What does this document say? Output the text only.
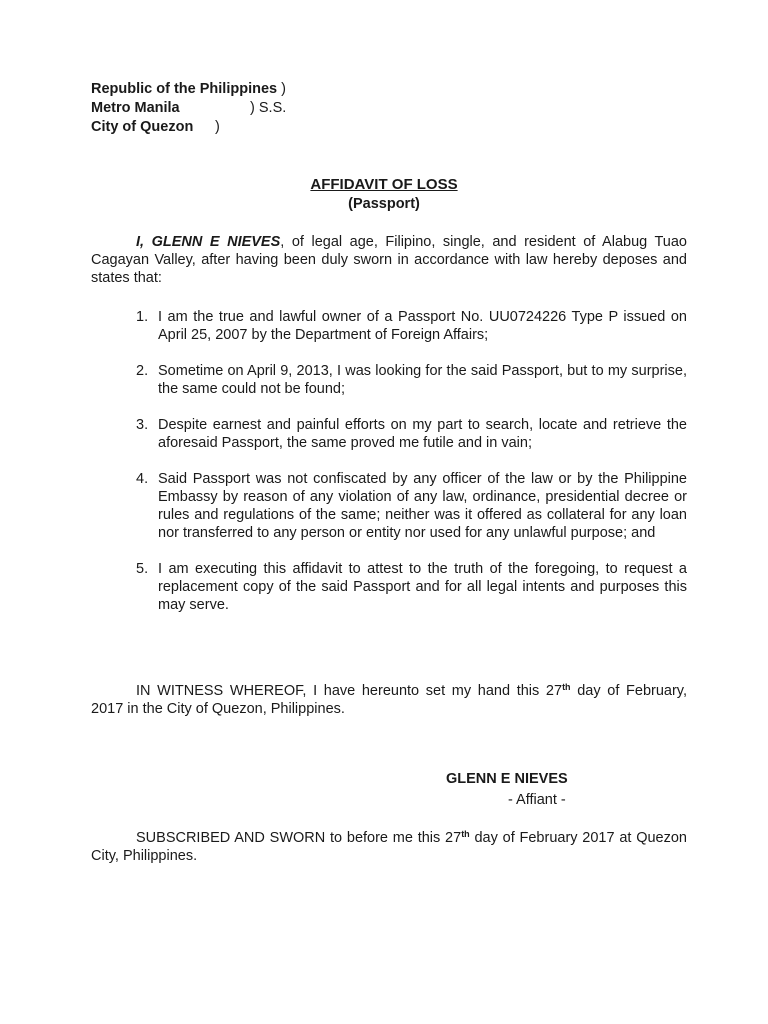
Republic of the Philippines )
Metro Manila	) S.S.
City of Quezon )
AFFIDAVIT OF LOSS
(Passport)
I, GLENN E NIEVES, of legal age, Filipino, single, and resident of Alabug Tuao Cagayan Valley, after having been duly sworn in accordance with law hereby deposes and states that:
1. I am the true and lawful owner of a Passport No. UU0724226 Type P issued on April 25, 2007 by the Department of Foreign Affairs;
2. Sometime on April 9, 2013, I was looking for the said Passport, but to my surprise, the same could not be found;
3. Despite earnest and painful efforts on my part to search, locate and retrieve the aforesaid Passport, the same proved me futile and in vain;
4. Said Passport was not confiscated by any officer of the law or by the Philippine Embassy by reason of any violation of any law, ordinance, presidential decree or rules and regulations of the same; neither was it offered as collateral for any loan nor transferred to any person or entity nor used for any unlawful purpose; and
5. I am executing this affidavit to attest to the truth of the foregoing, to request a replacement copy of the said Passport and for all legal intents and purposes this may serve.
IN WITNESS WHEREOF, I have hereunto set my hand this 27th day of February, 2017 in the City of Quezon, Philippines.
GLENN E NIEVES
- Affiant -
SUBSCRIBED AND SWORN to before me this 27th day of February 2017 at Quezon City, Philippines.
